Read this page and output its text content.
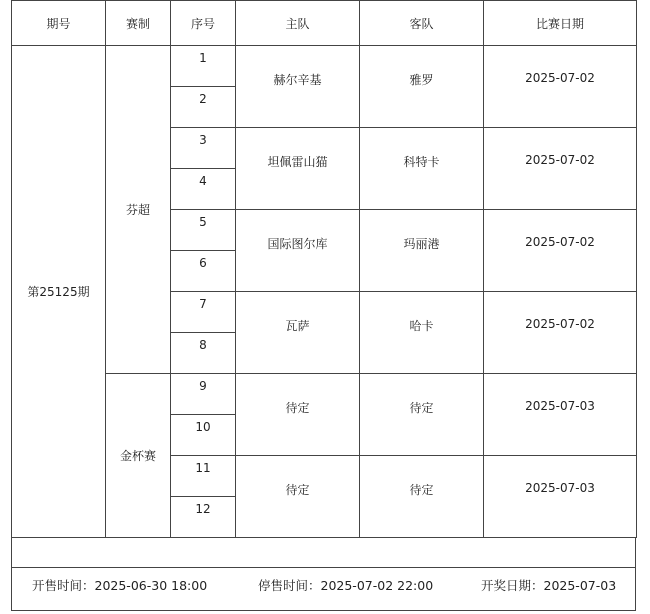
期号	赛制	序号	主队	客队	比赛日期
第25125期	芬超	1	赫尔辛基	雅罗	2025-07-02
		2			
		3	坦佩雷山猫	科特卡	2025-07-02
		4			
		5	国际图尔库	玛丽港	2025-07-02
		6			
		7	瓦萨	哈卡	2025-07-02
		8			
	金杯赛	9	待定	待定	2025-07-03
		10			
		11	待定	待定	2025-07-03
		12			
开售时间：2025-06-30 18:00	停售时间：2025-07-02 22:00	开奖日期：2025-07-03
